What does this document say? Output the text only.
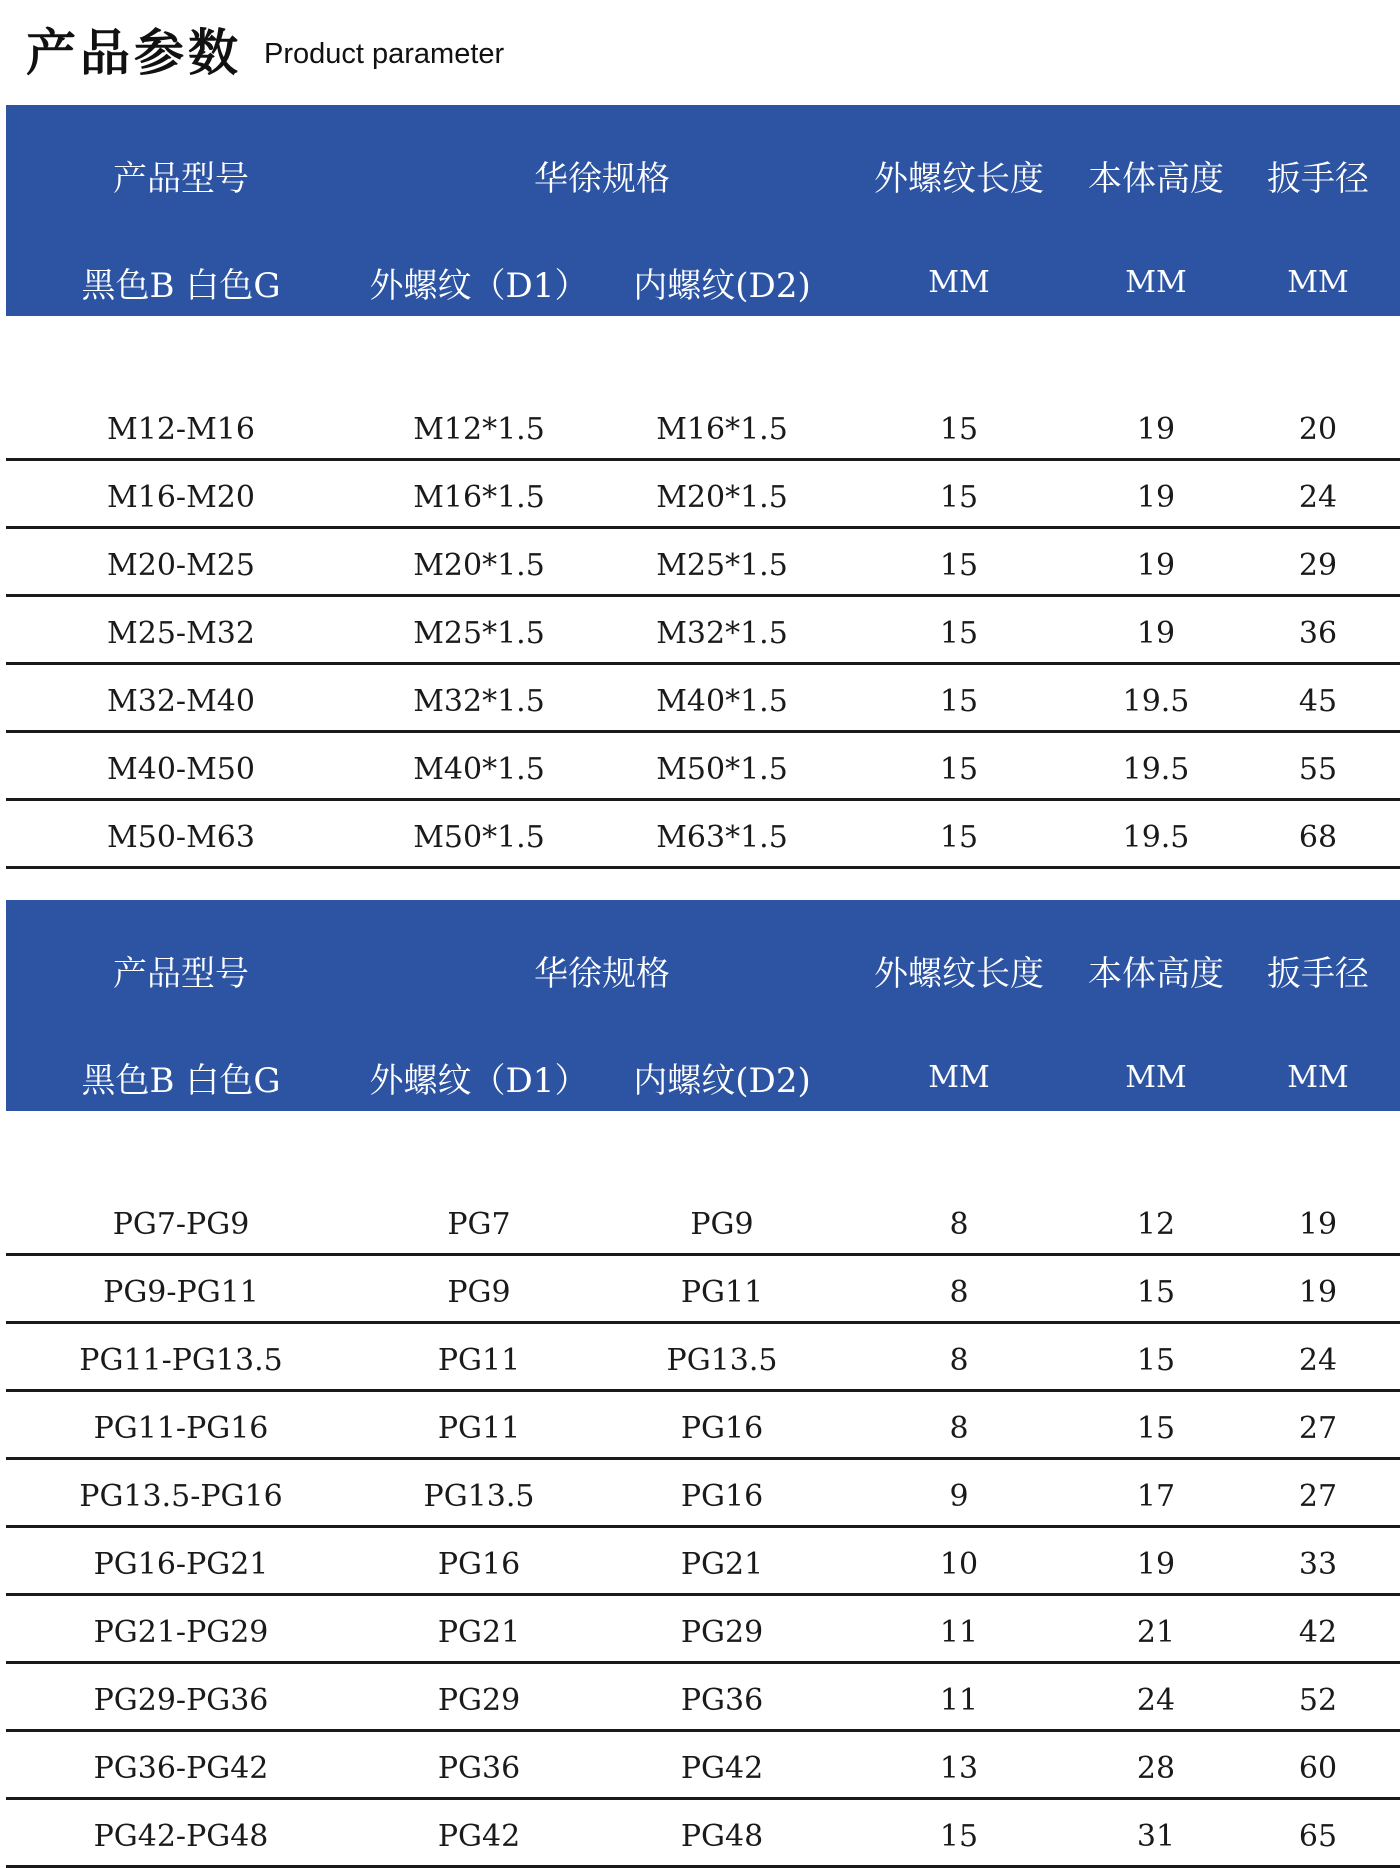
产品参数 Product parameter
产品型号	华徐规格	外螺纹长度 本体高度 扳手径
黑色B 白色G	外螺纹（D1） 内螺纹(D2)	MM	MM	MM
M12-M16	M12*1.5	M16*1.5	15	19	20
M16-M20	M16*1.5	M20*1.5	15	19	24
M20-M25	M20*1.5	M25*1.5	15	19	29
M25-M32	M25*1.5	M32*1.5	15	19	36
M32-M40	M32*1.5	M40*1.5	15	19.5	45
M40-M50	M40*1.5	M50*1.5	15	19.5	55
M50-M63	M50*1.5	M63*1.5	15	19.5	68
产品型号	华徐规格	外螺纹长度 本体高度 扳手径
黑色B 白色G	外螺纹（D1） 内螺纹(D2)	MM	MM	MM
PG7-PG9	PG7	PG9	8	12	19
PG9-PG11	PG9	PG11	8	15	19
PG11-PG13.5	PG11	PG13.5	8	15	24
PG11-PG16	PG11	PG16	8	15	27
PG13.5-PG16	PG13.5	PG16	9	17	27
PG16-PG21	PG16	PG21	10	19	33
PG21-PG29	PG21	PG29	11	21	42
PG29-PG36	PG29	PG36	11	24	52
PG36-PG42	PG36	PG42	13	28	60
PG42-PG48	PG42	PG48	15	31	65
